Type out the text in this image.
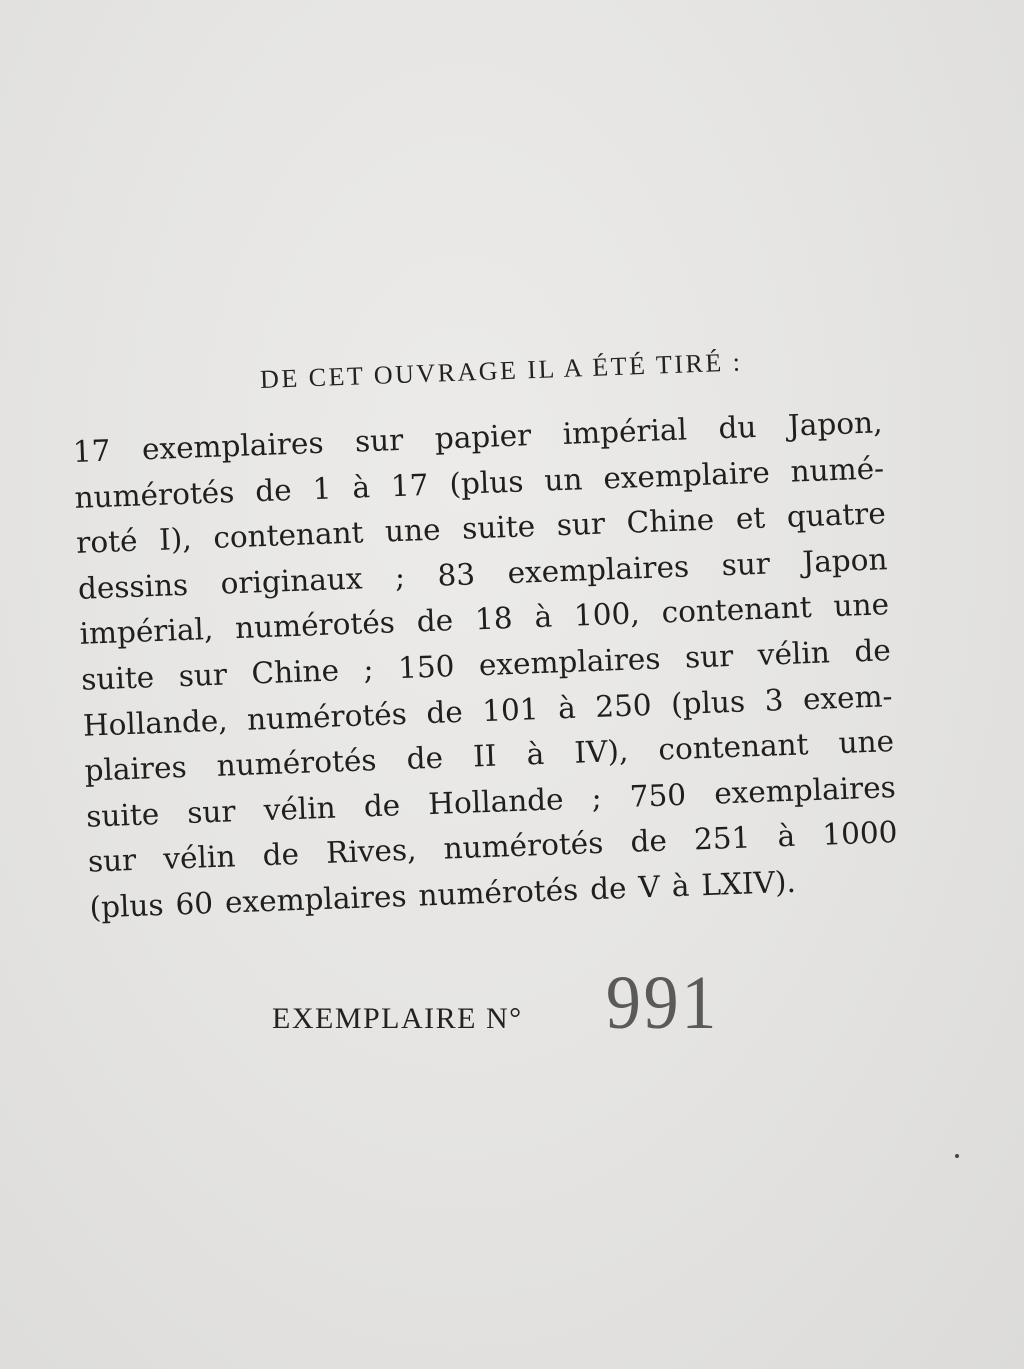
DE CET OUVRAGE IL A ÉTÉ TIRÉ :
17 exemplaires sur papier impérial du Japon,
numérotés de 1 à 17 (plus un exemplaire numé-
roté I), contenant une suite sur Chine et quatre
dessins originaux ; 83 exemplaires sur Japon
impérial, numérotés de 18 à 100, contenant une
suite sur Chine ; 150 exemplaires sur vélin de
Hollande, numérotés de 101 à 250 (plus 3 exem-
plaires numérotés de II à IV), contenant une
suite sur vélin de Hollande ; 750 exemplaires
sur vélin de Rives, numérotés de 251 à 1000
(plus 60 exemplaires numérotés de V à LXIV).
EXEMPLAIRE N° 991
